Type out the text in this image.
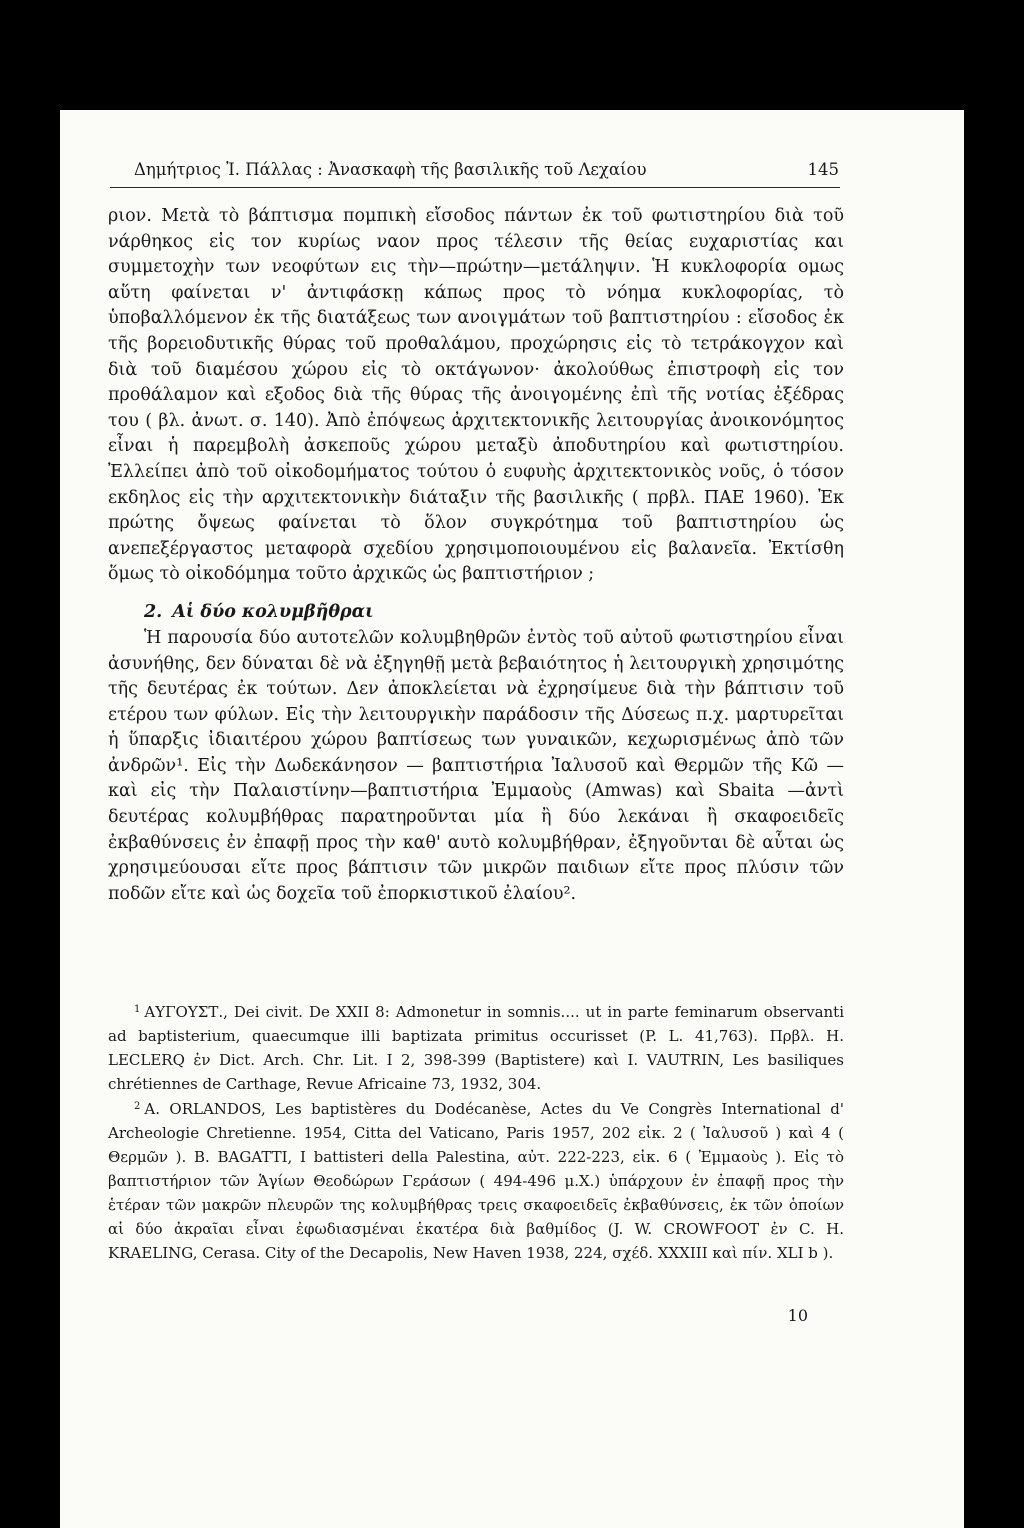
Δημήτριος Ἰ. Πάλλας : Ἀνασκαφὴ τῆς βασιλικῆς τοῦ Λεχαίου	145

ριον. Μετὰ τὸ βάπτισμα πομπικὴ εἴσοδος πάντων ἐκ τοῦ φωτιστηρίου διὰ τοῦ νάρθηκος εἰς τον κυρίως ναον προς τέλεσιν τῆς θείας ευχαριστίας και συμμετοχὴν των νεοφύτων εις τὴν—πρώτην—μετάληψιν. Ἡ κυκλοφορία ομως αὕτη φαίνεται ν' ἀντιφάσκῃ κάπως προς τὸ νόημα κυκλοφορίας, τὸ ὑποβαλλόμενον ἐκ τῆς διατάξεως των ανοιγμάτων τοῦ βαπτιστηρίου : εἴσοδος ἐκ τῆς βορειοδυτικῆς θύρας τοῦ προθαλάμου, προχώρησις εἰς τὸ τετράκογχον καὶ διὰ τοῦ διαμέσου χώρου εἰς τὸ οκτάγωνον· ἀκολούθως ἐπιστροφὴ εἰς τον προθάλαμον καὶ εξοδος διὰ τῆς θύρας τῆς ἀνοιγομένης ἐπὶ τῆς νοτίας ἐξέδρας του ( βλ. ἀνωτ. σ. 140). Ἀπὸ ἐπόψεως ἀρχιτεκτονικῆς λειτουργίας ἀνοικονόμητος εἶναι ἡ παρεμβολὴ ἀσκεποῦς χώρου μεταξὺ ἀποδυτηρίου καὶ φωτιστηρίου. Ἐλλείπει ἀπὸ τοῦ οἰκοδομήματος τούτου ὁ ευφυὴς ἀρχιτεκτονικὸς νοῦς, ὁ τόσον εκδηλος εἰς τὴν αρχιτεκτονικὴν διάταξιν τῆς βασιλικῆς ( πρβλ. ΠΑΕ 1960). Ἐκ πρώτης ὄψεως φαίνεται τὸ ὅλον συγκρότημα τοῦ βαπτιστηρίου ὡς ανεπεξέργαστος μεταφορὰ σχεδίου χρησιμοποιουμένου εἰς βαλανεῖα. Ἐκτίσθη ὅμως τὸ οἰκοδόμημα τοῦτο ἀρχικῶς ὡς βαπτιστήριον ;

2. Αἱ δύο κολυμβῆθραι

Ἡ παρουσία δύο αυτοτελῶν κολυμβηθρῶν ἐντὸς τοῦ αὐτοῦ φωτιστηρίου εἶναι ἀσυνήθης, δεν δύναται δὲ νὰ ἐξηγηθῇ μετὰ βεβαιότητος ἡ λειτουργικὴ χρησιμότης τῆς δευτέρας ἐκ τούτων. Δεν ἀποκλείεται νὰ ἐχρησίμευε διὰ τὴν βάπτισιν τοῦ ετέρου των φύλων. Εἰς τὴν λειτουργικὴν παράδοσιν τῆς Δύσεως π.χ. μαρτυρεῖται ἡ ὕπαρξις ἰδιαιτέρου χώρου βαπτίσεως των γυναικῶν, κεχωρισμένως ἀπὸ τῶν ἀνδρῶν¹. Εἰς τὴν Δωδεκάνησον — βαπτιστήρια Ἰαλυσοῦ καὶ Θερμῶν τῆς Κῶ — καὶ εἰς τὴν Παλαιστίνην—βαπτιστήρια Ἐμμαοὺς (Amwas) καὶ Sbaita —ἀντὶ δευτέρας κολυμβήθρας παρατηροῦνται μία ἢ δύο λεκάναι ἢ σκαφοειδεῖς ἐκβαθύνσεις ἐν ἐπαφῇ προς τὴν καθ' αυτὸ κολυμβήθραν, ἐξηγοῦνται δὲ αὗται ὡς χρησιμεύουσαι εἴτε προς βάπτισιν τῶν μικρῶν παιδιων εἴτε προς πλύσιν τῶν ποδῶν εἴτε καὶ ὡς δοχεῖα τοῦ ἐπορκιστικοῦ ἐλαίου².

$^1$ ΑΥΓΟΥΣΤ., Dei civit. De XXII 8: Admonetur in somnis.... ut in parte feminarum observanti ad baptisterium, quaecumque illi baptizata primitus occurisset (P. L. 41,763). Πρβλ. H. LECLERQ ἐν Dict. Arch. Chr. Lit. I 2, 398-399 (Baptistere) καὶ I. VAUTRIN, Les basiliques chrétiennes de Carthage, Revue Africaine 73, 1932, 304.

$^2$ A. ORLANDOS, Les baptistères du Dodécanèse, Actes du Ve Congrès International d' Archeologie Chretienne. 1954, Citta del Vaticano, Paris 1957, 202 εἰκ. 2 ( Ἰαλυσοῦ ) καὶ 4 ( Θερμῶν ). B. BAGATTI, I battisteri della Palestina, αὐτ. 222-223, εἰκ. 6 ( Ἐμμαοὺς ). Εἰς τὸ βαπτιστήριον τῶν Ἁγίων Θεοδώρων Γεράσων ( 494-496 μ.Χ.) ὑπάρχουν ἐν ἐπαφῇ προς τὴν ἑτέραν τῶν μακρῶν πλευρῶν της κολυμβήθρας τρεις σκαφοειδεῖς ἐκβαθύνσεις, ἐκ τῶν ὁποίων αἱ δύο ἀκραῖαι εἶναι ἐφωδιασμέναι ἑκατέρα διὰ βαθμίδος (J. W. CROWFOOT ἐν C. H. KRAELING, Cerasa. City of the Decapolis, New Haven 1938, 224, σχέδ. XXXIII καὶ πίν. XLI b ).

10
